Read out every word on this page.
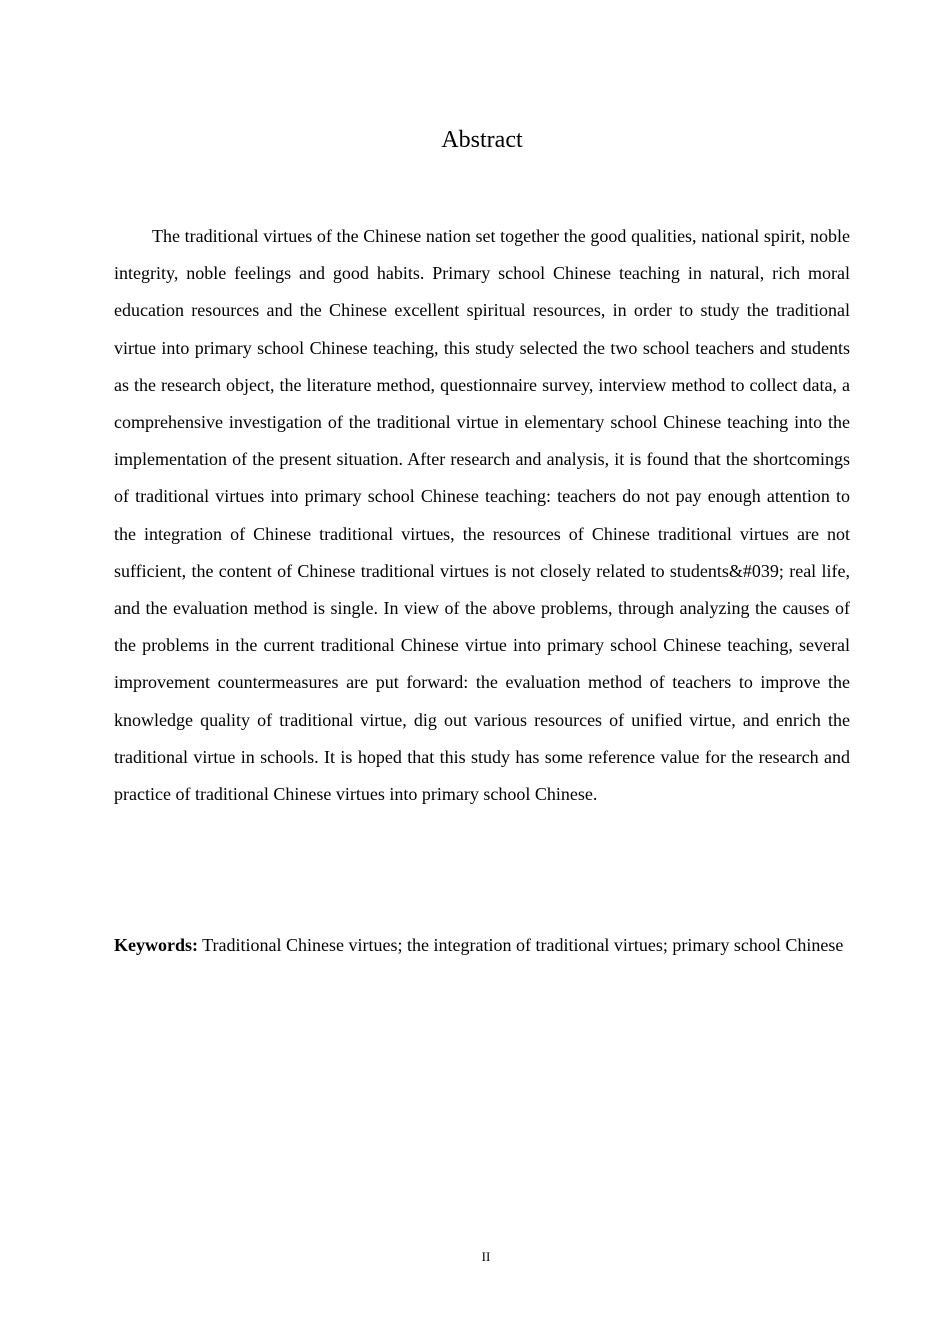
Abstract

The traditional virtues of the Chinese nation set together the good qualities, national spirit, noble integrity, noble feelings and good habits. Primary school Chinese teaching in natural, rich moral education resources and the Chinese excellent spiritual resources, in order to study the traditional virtue into primary school Chinese teaching, this study selected the two school teachers and students as the research object, the literature method, questionnaire survey, interview method to collect data, a comprehensive investigation of the traditional virtue in elementary school Chinese teaching into the implementation of the present situation. After research and analysis, it is found that the shortcomings of traditional virtues into primary school Chinese teaching: teachers do not pay enough attention to the integration of Chinese traditional virtues, the resources of Chinese traditional virtues are not sufficient, the content of Chinese traditional virtues is not closely related to students&#039; real life, and the evaluation method is single. In view of the above problems, through analyzing the causes of the problems in the current traditional Chinese virtue into primary school Chinese teaching, several improvement countermeasures are put forward: the evaluation method of teachers to improve the knowledge quality of traditional virtue, dig out various resources of unified virtue, and enrich the traditional virtue in schools. It is hoped that this study has some reference value for the research and practice of traditional Chinese virtues into primary school Chinese.

Keywords: Traditional Chinese virtues; the integration of traditional virtues; primary school Chinese

II
